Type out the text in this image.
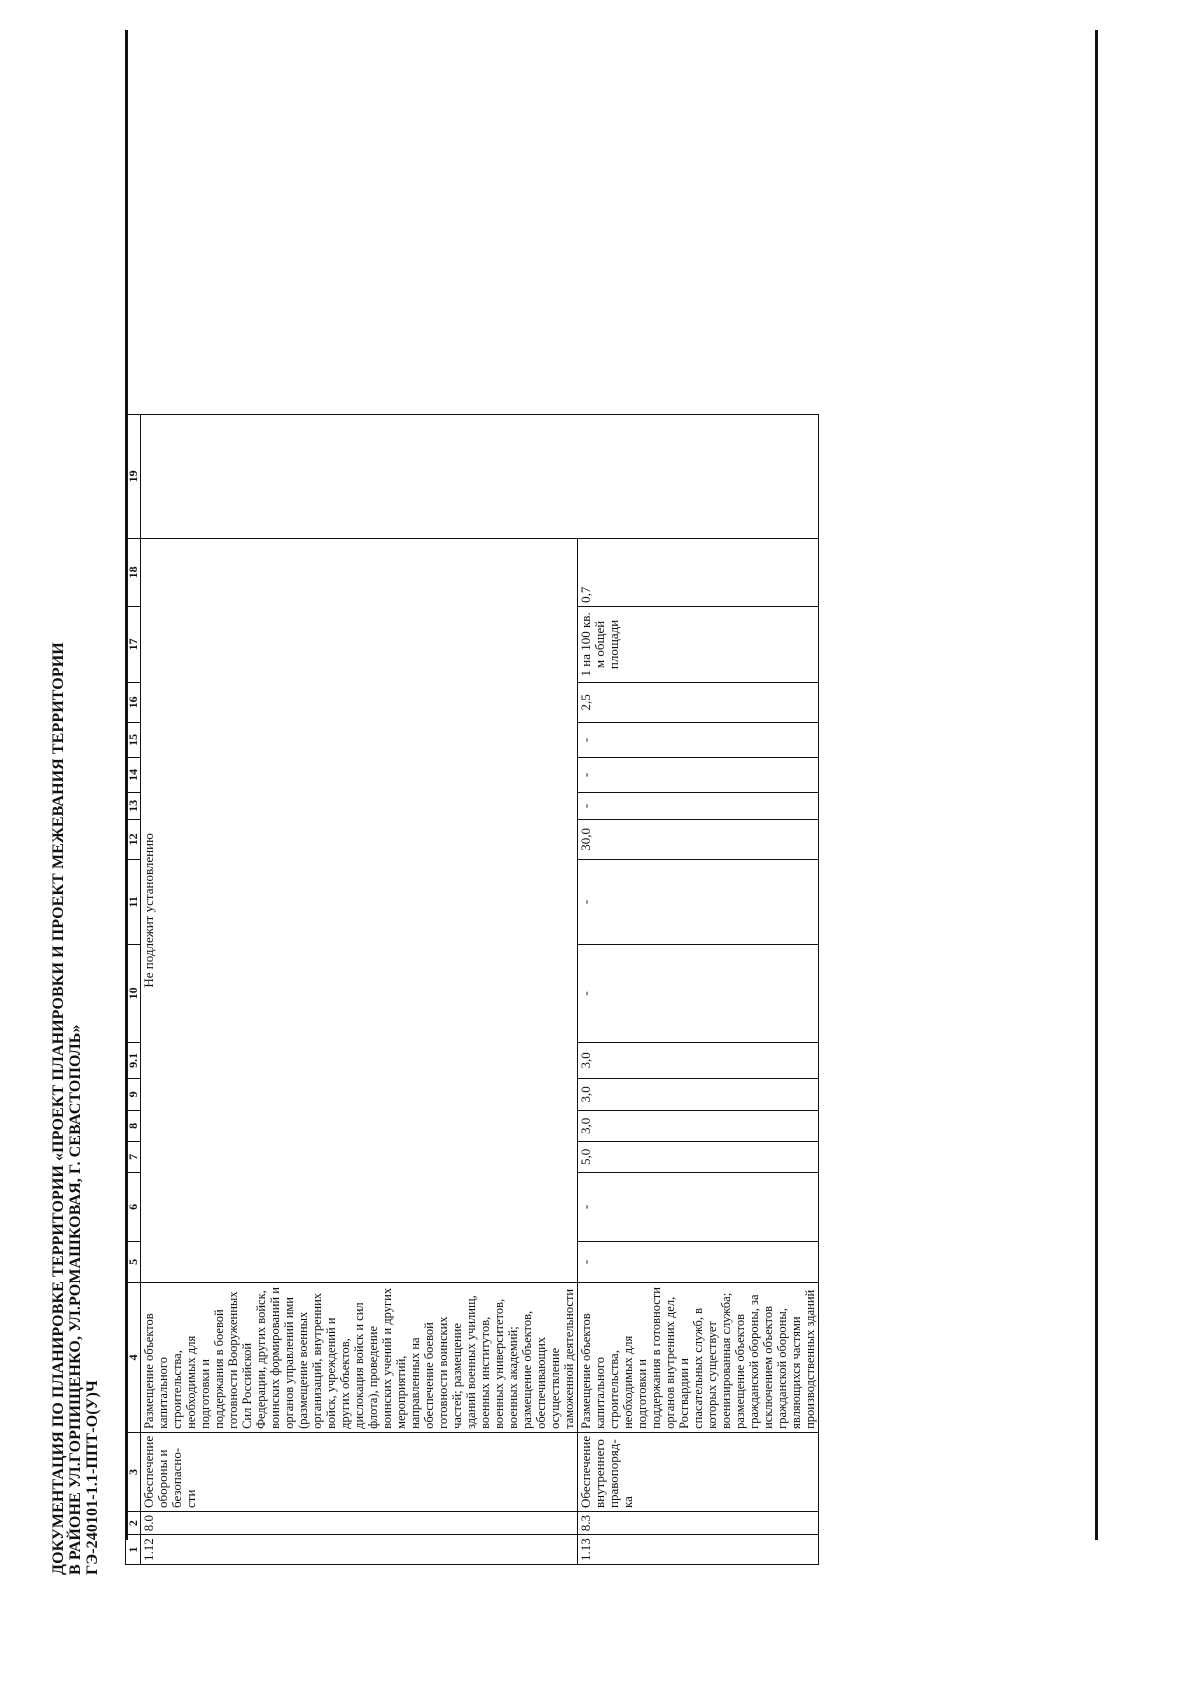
ДОКУМЕНТАЦИЯ ПО ПЛАНИРОВКЕ ТЕРРИТОРИИ «ПРОЕКТ ПЛАНИРОВКИ И ПРОЕКТ МЕЖЕВАНИЯ ТЕРРИТОРИИ В РАЙОНЕ УЛ.ГОРПИЩЕНКО, УЛ.РОМАШКОВАЯ, Г. СЕВАСТОПОЛЬ» ГЭ-240101-1.1-ППТ-О(У)Ч 1	2	3	4	5	6	7	8	9	9.1	10	11	12	13	14	15	16	17	18	19
1.12	8.0	Обеспечение обороны и безопасно-сти	Размещение объектов капитального строительства, необходимых для подготовки и поддержания в боевой готовности Вооруженных Сил Российской Федерации, других войск, воинских формирований и органов управлений ими (размещение военных организаций, внутренних войск, учреждений и других объектов, дислокация войск и сил флота), проведение воинских учений и других мероприятий, направленных на обеспечение боевой готовности воинских частей; размещение зданий военных училищ, военных институтов, военных университетов, военных академий; размещение объектов, обеспечивающих осуществление таможенной деятельности	Не подлежит установлению															
1.13	8.3	Обеспечение внутреннего правопоряд-ка	Размещение объектов капитального строительства, необходимых для подготовки и поддержания в готовности органов внутренних дел, Росгвардии и спасательных служб, в которых существует военизированная служба; размещение объектов гражданской обороны, за исключением объектов гражданской обороны, являющихся частями производственных зданий	-	-	5,0	3,0	3,0	3,0	-	-	30,0	-	-	-	2,5	1 на 100 кв. м общей площади	0,7	
